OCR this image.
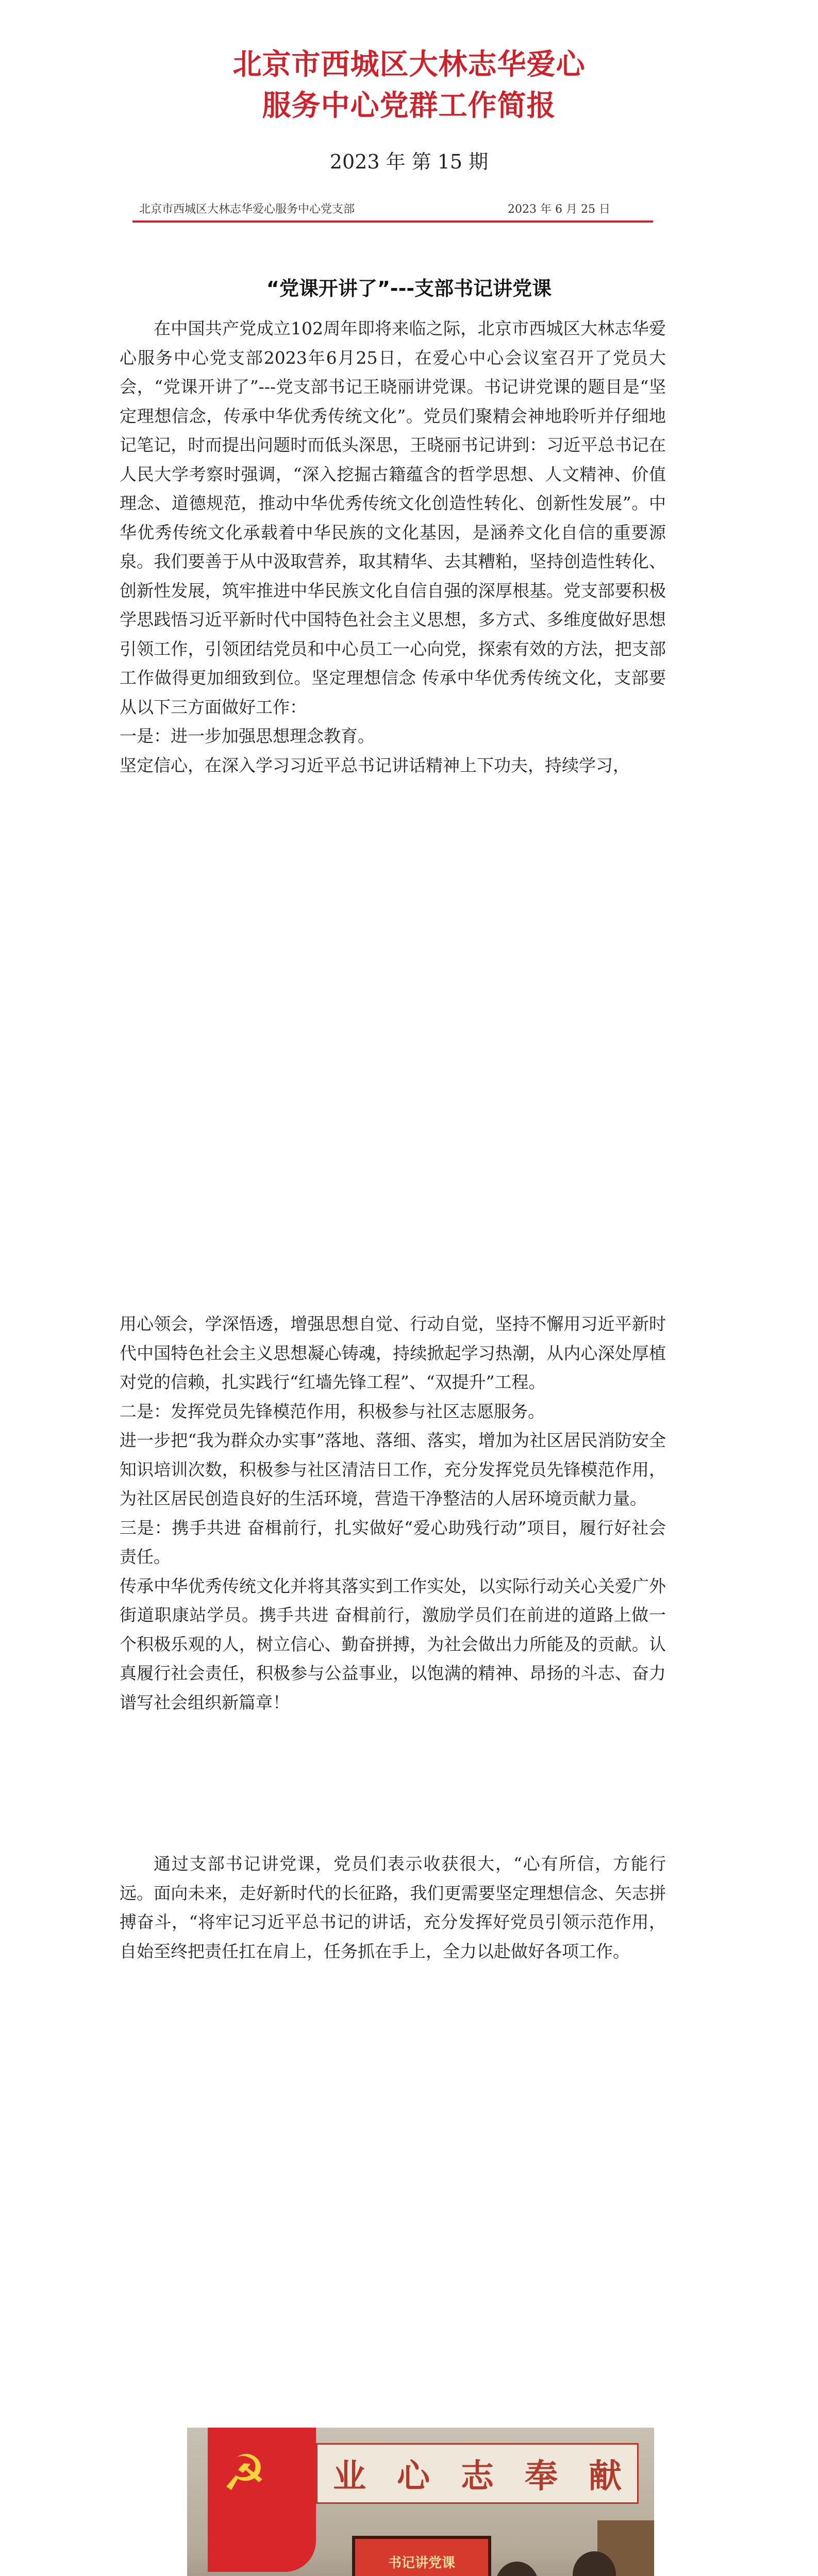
北京市西城区大林志华爱心
服务中心党群工作简报
2023 年 第 15 期
北京市西城区大林志华爱心服务中心党支部	2023 年 6 月 25 日
“党课开讲了”---支部书记讲党课

在中国共产党成立102周年即将来临之际，北京市西城区大林志华爱心服务中心党支部2023年6月25日，在爱心中心会议室召开了党员大会，“党课开讲了”---党支部书记王晓丽讲党课。书记讲党课的题目是“坚定理想信念，传承中华优秀传统文化”。党员们聚精会神地聆听并仔细地记笔记，时而提出问题时而低头深思，王晓丽书记讲到：习近平总书记在人民大学考察时强调，“深入挖掘古籍蕴含的哲学思想、人文精神、价值理念、道德规范，推动中华优秀传统文化创造性转化、创新性发展”。中华优秀传统文化承载着中华民族的文化基因，是涵养文化自信的重要源泉。我们要善于从中汲取营养，取其精华、去其糟粕，坚持创造性转化、创新性发展，筑牢推进中华民族文化自信自强的深厚根基。党支部要积极学思践悟习近平新时代中国特色社会主义思想，多方式、多维度做好思想引领工作，引领团结党员和中心员工一心向党，探索有效的方法，把支部工作做得更加细致到位。坚定理想信念 传承中华优秀传统文化，支部要从以下三方面做好工作：

一是：进一步加强思想理念教育。

坚定信心，在深入学习习近平总书记讲话精神上下功夫，持续学习，

用心领会，学深悟透，增强思想自觉、行动自觉，坚持不懈用习近平新时代中国特色社会主义思想凝心铸魂，持续掀起学习热潮，从内心深处厚植对党的信赖，扎实践行“红墙先锋工程”、“双提升”工程。

二是：发挥党员先锋模范作用，积极参与社区志愿服务。

进一步把“我为群众办实事”落地、落细、落实，增加为社区居民消防安全知识培训次数，积极参与社区清洁日工作，充分发挥党员先锋模范作用，为社区居民创造良好的生活环境，营造干净整洁的人居环境贡献力量。

三是：携手共进 奋楫前行，扎实做好“爱心助残行动”项目，履行好社会责任。

传承中华优秀传统文化并将其落实到工作实处，以实际行动关心关爱广外街道职康站学员。携手共进 奋楫前行，激励学员们在前进的道路上做一个积极乐观的人，树立信心、勤奋拼搏，为社会做出力所能及的贡献。认真履行社会责任，积极参与公益事业，以饱满的精神、昂扬的斗志、奋力谱写社会组织新篇章！

通过支部书记讲党课，党员们表示收获很大，“心有所信，方能行远。面向未来，走好新时代的长征路，我们更需要坚定理想信念、矢志拼搏奋斗，“将牢记习近平总书记的讲话，充分发挥好党员引领示范作用，自始至终把责任扛在肩上，任务抓在手上，全力以赴做好各项工作。

☭ 业 心 志 奉 献
书记讲党课
